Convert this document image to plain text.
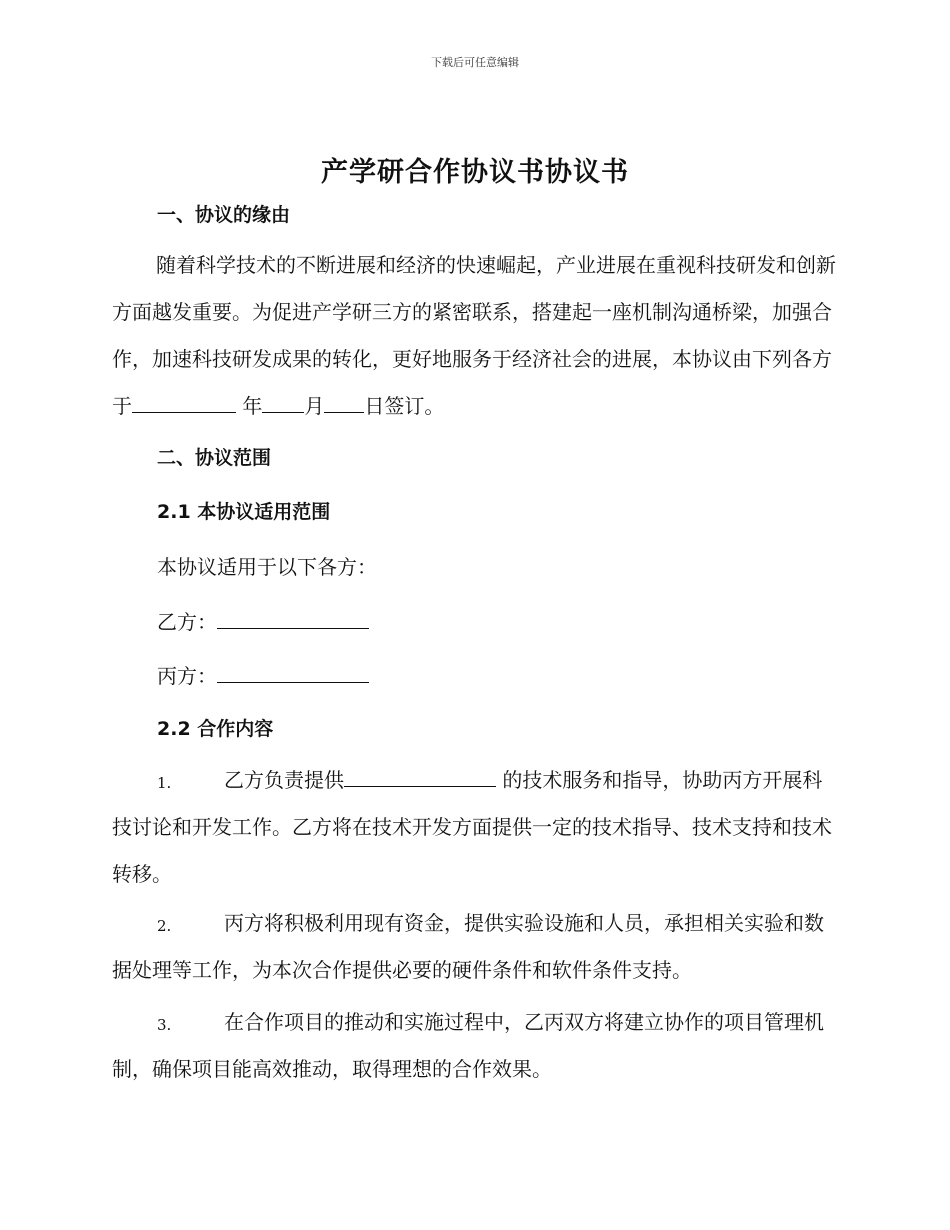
下载后可任意编辑
产学研合作协议书协议书
一、协议的缘由
随着科学技术的不断进展和经济的快速崛起，产业进展在重视科技研发和创新方面越发重要。为促进产学研三方的紧密联系，搭建起一座机制沟通桥梁，加强合作，加速科技研发成果的转化，更好地服务于经济社会的进展，本协议由下列各方于	年 月 日签订。
二、协议范围
2.1 本协议适用范围
本协议适用于以下各方：
乙方：
丙方：
2.2 合作内容
1.	乙方负责提供	的技术服务和指导，协助丙方开展科技讨论和开发工作。乙方将在技术开发方面提供一定的技术指导、技术支持和技术转移。
2.	丙方将积极利用现有资金，提供实验设施和人员，承担相关实验和数据处理等工作，为本次合作提供必要的硬件条件和软件条件支持。
3.	在合作项目的推动和实施过程中，乙丙双方将建立协作的项目管理机制，确保项目能高效推动，取得理想的合作效果。
